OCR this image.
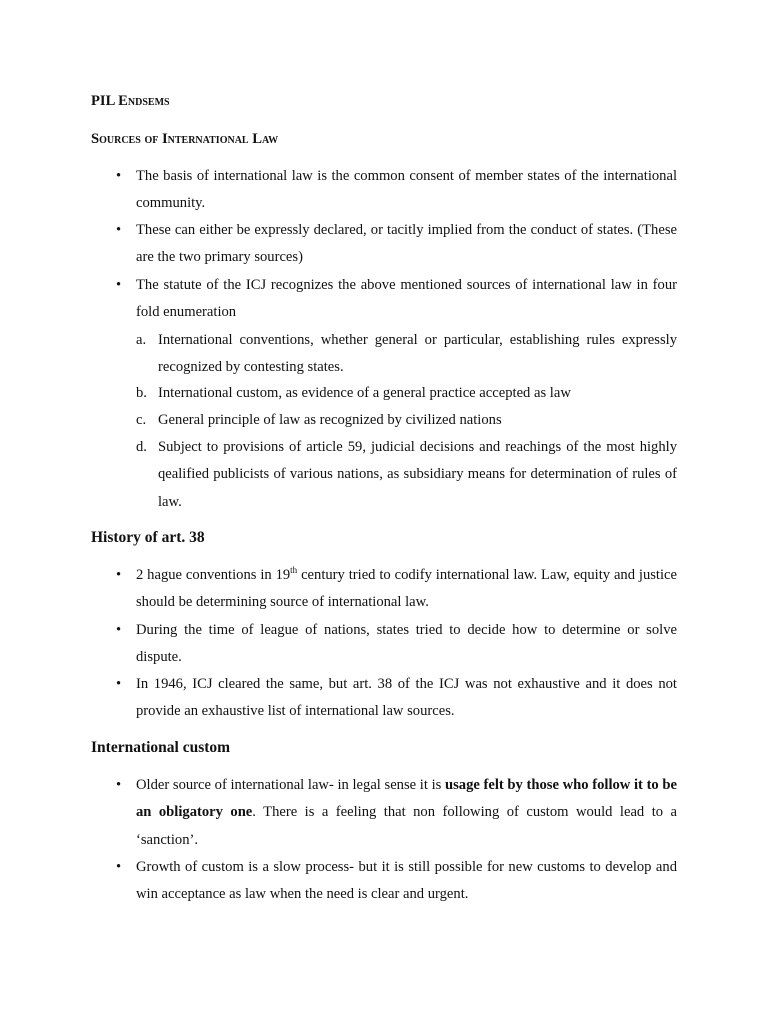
PIL Endsems
Sources of International Law
• The basis of international law is the common consent of member states of the international community.
• These can either be expressly declared, or tacitly implied from the conduct of states. (These are the two primary sources)
• The statute of the ICJ recognizes the above mentioned sources of international law in four fold enumeration
a. International conventions, whether general or particular, establishing rules expressly recognized by contesting states.
b. International custom, as evidence of a general practice accepted as law
c. General principle of law as recognized by civilized nations
d. Subject to provisions of article 59, judicial decisions and reachings of the most highly qealified publicists of various nations, as subsidiary means for determination of rules of law.
History of art. 38
• 2 hague conventions in 19th century tried to codify international law. Law, equity and justice should be determining source of international law.
• During the time of league of nations, states tried to decide how to determine or solve dispute.
• In 1946, ICJ cleared the same, but art. 38 of the ICJ was not exhaustive and it does not provide an exhaustive list of international law sources.
International custom
• Older source of international law- in legal sense it is usage felt by those who follow it to be an obligatory one. There is a feeling that non following of custom would lead to a ‘sanction’.
• Growth of custom is a slow process- but it is still possible for new customs to develop and win acceptance as law when the need is clear and urgent.
